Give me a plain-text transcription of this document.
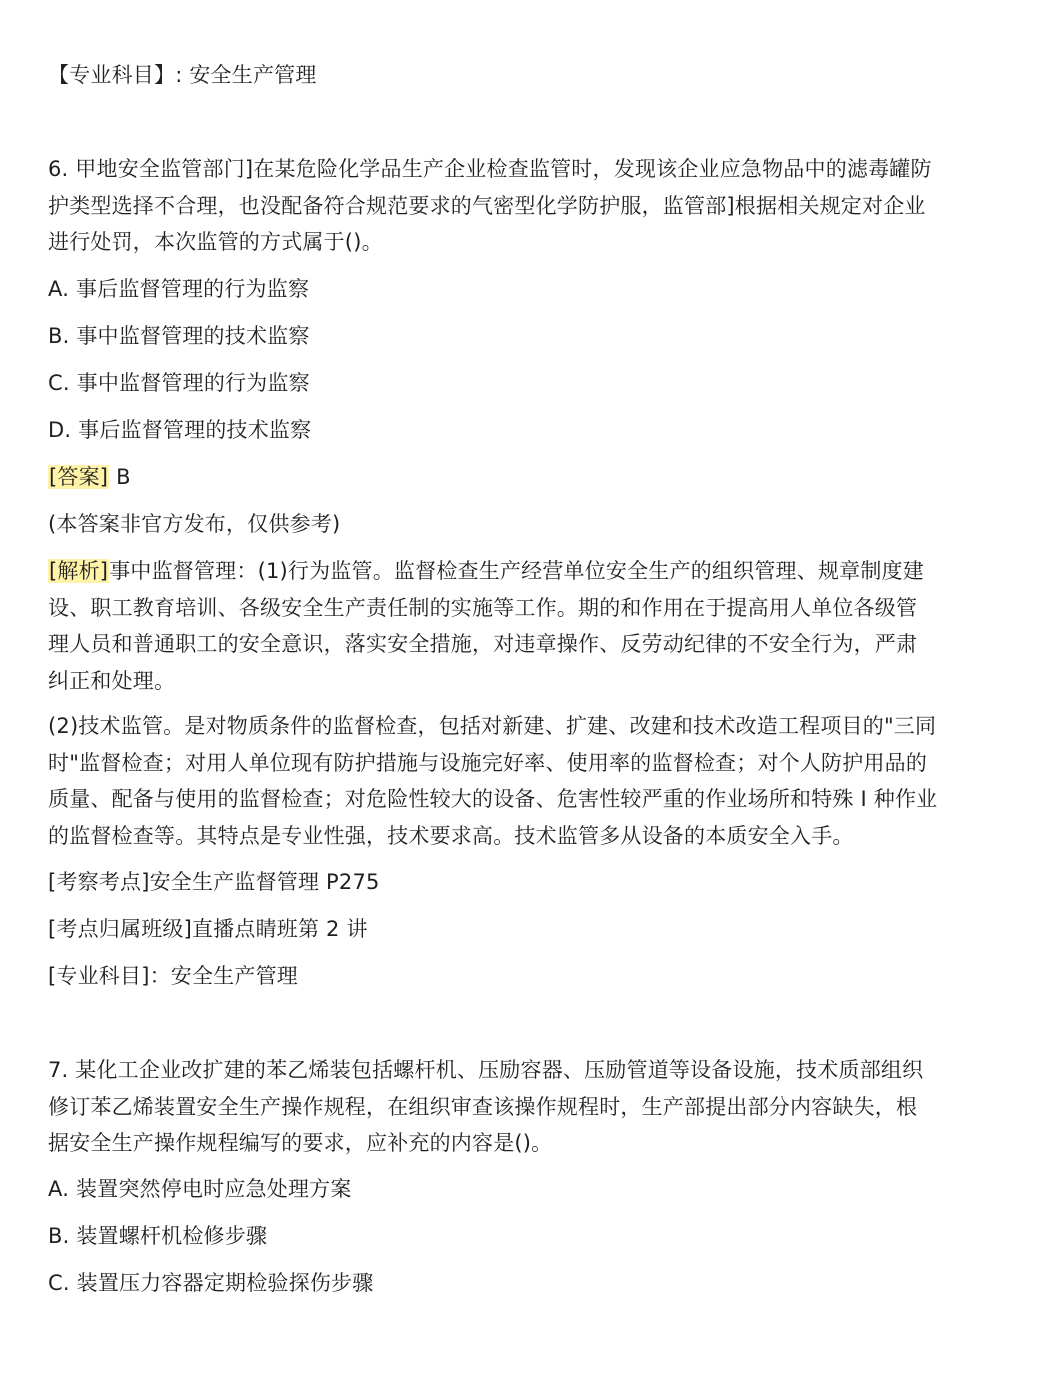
【专业科目】: 安全生产管理
6. 甲地安全监管部门]在某危险化学品生产企业检查监管时，发现该企业应急物品中的滤毒罐防
护类型选择不合理，也没配备符合规范要求的气密型化学防护服，监管部]根据相关规定对企业
进行处罚，本次监管的方式属于()。
A. 事后监督管理的行为监察
B. 事中监督管理的技术监察
C. 事中监督管理的行为监察
D. 事后监督管理的技术监察
[答案] B
(本答案非官方发布，仅供参考)
[解析]事中监督管理：(1)行为监管。监督检查生产经营单位安全生产的组织管理、规章制度建
设、职工教育培训、各级安全生产责任制的实施等工作。期的和作用在于提高用人单位各级管
理人员和普通职工的安全意识，落实安全措施，对违章操作、反劳动纪律的不安全行为，严肃
纠正和处理。
(2)技术监管。是对物质条件的监督检查，包括对新建、扩建、改建和技术改造工程项目的"三同
时"监督检查；对用人单位现有防护措施与设施完好率、使用率的监督检查；对个人防护用品的
质量、配备与使用的监督检查；对危险性较大的设备、危害性较严重的作业场所和特殊 I 种作业
的监督检查等。其特点是专业性强，技术要求高。技术监管多从设备的本质安全入手。
[考察考点]安全生产监督管理 P275
[考点归属班级]直播点睛班第 2 讲
[专业科目]：安全生产管理
7. 某化工企业改扩建的苯乙烯装包括螺杆机、压励容器、压励管道等设备设施，技术质部组织
修订苯乙烯装置安全生产操作规程，在组织审查该操作规程时，生产部提出部分内容缺失，根
据安全生产操作规程编写的要求，应补充的内容是()。
A. 装置突然停电时应急处理方案
B. 装置螺杆机检修步骤
C. 装置压力容器定期检验探伤步骤
